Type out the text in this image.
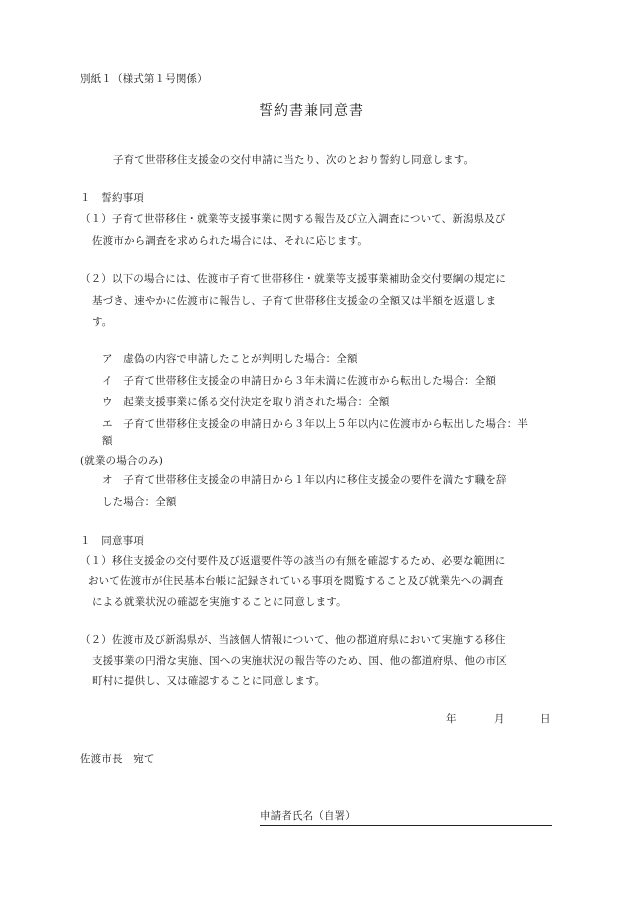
別紙１（様式第１号関係）
誓約書兼同意書
子育て世帯移住支援金の交付申請に当たり、次のとおり誓約し同意します。
１　誓約事項
（１）子育て世帯移住・就業等支援事業に関する報告及び立入調査について、新潟県及び
佐渡市から調査を求められた場合には、それに応じます。
（２）以下の場合には、佐渡市子育て世帯移住・就業等支援事業補助金交付要綱の規定に
基づき、速やかに佐渡市に報告し、子育て世帯移住支援金の全額又は半額を返還しま
す。
ア　虚偽の内容で申請したことが判明した場合：全額
イ　子育て世帯移住支援金の申請日から３年未満に佐渡市から転出した場合：全額
ウ　起業支援事業に係る交付決定を取り消された場合：全額
エ　子育て世帯移住支援金の申請日から３年以上５年以内に佐渡市から転出した場合：半
額
(就業の場合のみ)
オ　子育て世帯移住支援金の申請日から１年以内に移住支援金の要件を満たす職を辞
した場合：全額
１　同意事項
（１）移住支援金の交付要件及び返還要件等の該当の有無を確認するため、必要な範囲に
おいて佐渡市が住民基本台帳に記録されている事項を閲覧すること及び就業先への調査
による就業状況の確認を実施することに同意します。
（２）佐渡市及び新潟県が、当該個人情報について、他の都道府県において実施する移住
支援事業の円滑な実施、国への実施状況の報告等のため、国、他の都道府県、他の市区
町村に提供し、又は確認することに同意します。
年	月	日
佐渡市長　宛て
申請者氏名（自署）
